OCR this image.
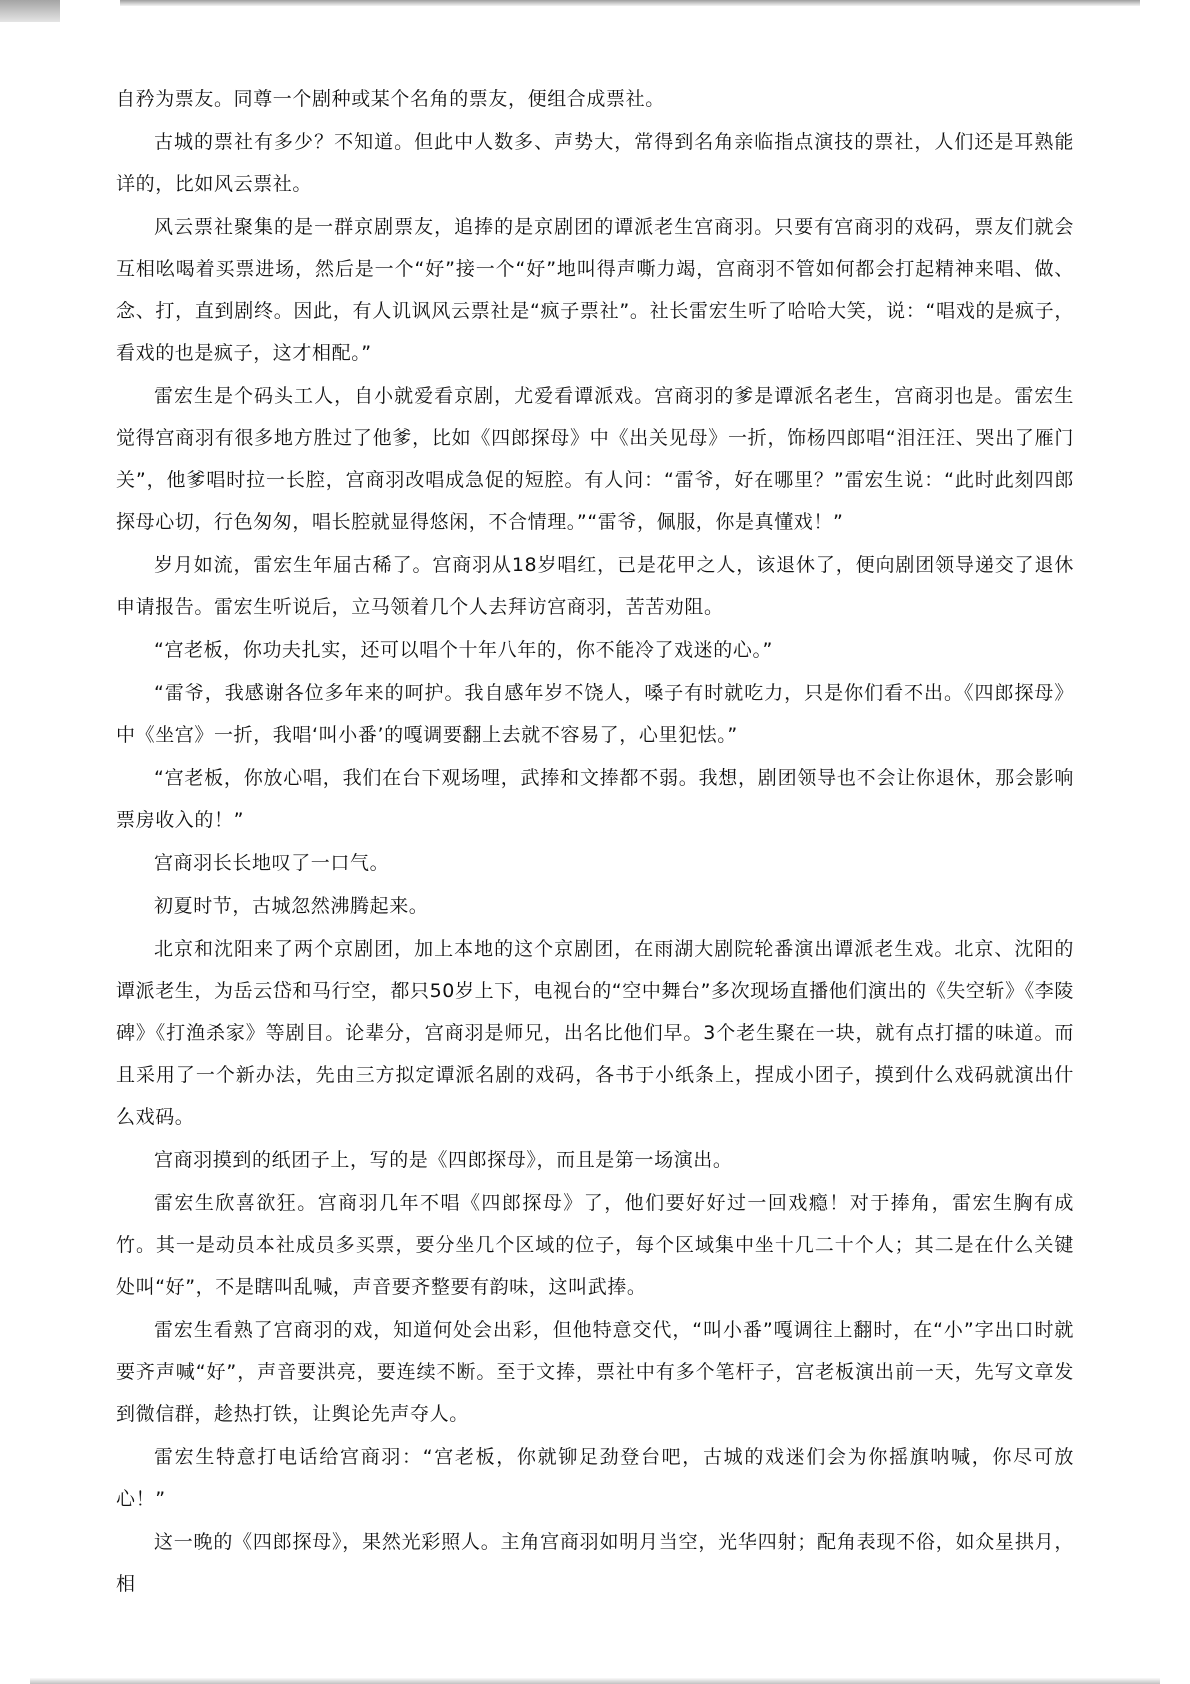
自矜为票友。同尊一个剧种或某个名角的票友，便组合成票社。

古城的票社有多少？不知道。但此中人数多、声势大，常得到名角亲临指点演技的票社，人们还是耳熟能详的，比如风云票社。

风云票社聚集的是一群京剧票友，追捧的是京剧团的谭派老生宫商羽。只要有宫商羽的戏码，票友们就会互相吆喝着买票进场，然后是一个“好”接一个“好”地叫得声嘶力竭，宫商羽不管如何都会打起精神来唱、做、念、打，直到剧终。因此，有人讥讽风云票社是“疯子票社”。社长雷宏生听了哈哈大笑，说：“唱戏的是疯子，看戏的也是疯子，这才相配。”

雷宏生是个码头工人，自小就爱看京剧，尤爱看谭派戏。宫商羽的爹是谭派名老生，宫商羽也是。雷宏生觉得宫商羽有很多地方胜过了他爹，比如《四郎探母》中《出关见母》一折，饰杨四郎唱“泪汪汪、哭出了雁门关”，他爹唱时拉一长腔，宫商羽改唱成急促的短腔。有人问：“雷爷，好在哪里？”雷宏生说：“此时此刻四郎探母心切，行色匆匆，唱长腔就显得悠闲，不合情理。”“雷爷，佩服，你是真懂戏！”

岁月如流，雷宏生年届古稀了。宫商羽从18岁唱红，已是花甲之人，该退休了，便向剧团领导递交了退休申请报告。雷宏生听说后，立马领着几个人去拜访宫商羽，苦苦劝阻。

“宫老板，你功夫扎实，还可以唱个十年八年的，你不能冷了戏迷的心。”

“雷爷，我感谢各位多年来的呵护。我自感年岁不饶人，嗓子有时就吃力，只是你们看不出。《四郎探母》中《坐宫》一折，我唱‘叫小番’的嘎调要翻上去就不容易了，心里犯怯。”

“宫老板，你放心唱，我们在台下观场哩，武捧和文捧都不弱。我想，剧团领导也不会让你退休，那会影响票房收入的！”

宫商羽长长地叹了一口气。

初夏时节，古城忽然沸腾起来。

北京和沈阳来了两个京剧团，加上本地的这个京剧团，在雨湖大剧院轮番演出谭派老生戏。北京、沈阳的谭派老生，为岳云岱和马行空，都只50岁上下，电视台的“空中舞台”多次现场直播他们演出的《失空斩》《李陵碑》《打渔杀家》等剧目。论辈分，宫商羽是师兄，出名比他们早。3个老生聚在一块，就有点打擂的味道。而且采用了一个新办法，先由三方拟定谭派名剧的戏码，各书于小纸条上，捏成小团子，摸到什么戏码就演出什么戏码。

宫商羽摸到的纸团子上，写的是《四郎探母》，而且是第一场演出。

雷宏生欣喜欲狂。宫商羽几年不唱《四郎探母》了，他们要好好过一回戏瘾！对于捧角，雷宏生胸有成竹。其一是动员本社成员多买票，要分坐几个区域的位子，每个区域集中坐十几二十个人；其二是在什么关键处叫“好”，不是瞎叫乱喊，声音要齐整要有韵味，这叫武捧。

雷宏生看熟了宫商羽的戏，知道何处会出彩，但他特意交代，“叫小番”嘎调往上翻时，在“小”字出口时就要齐声喊“好”，声音要洪亮，要连续不断。至于文捧，票社中有多个笔杆子，宫老板演出前一天，先写文章发到微信群，趁热打铁，让舆论先声夺人。

雷宏生特意打电话给宫商羽：“宫老板，你就铆足劲登台吧，古城的戏迷们会为你摇旗呐喊，你尽可放心！”

这一晚的《四郎探母》，果然光彩照人。主角宫商羽如明月当空，光华四射；配角表现不俗，如众星拱月，相
